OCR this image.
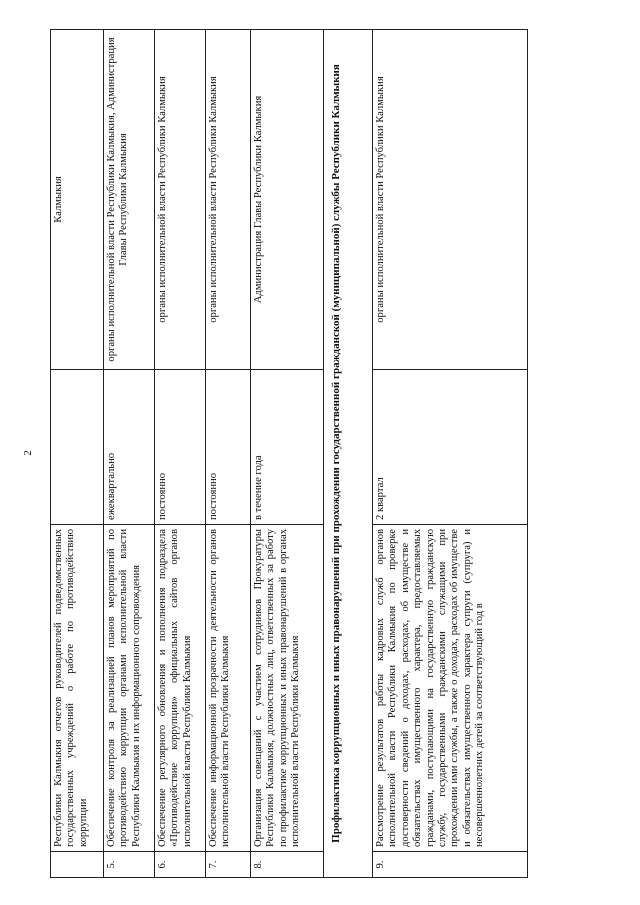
2
	Республики Калмыкия отчетов руководителей подведомственных государственных учреждений о работе по противодействию коррупции		Калмыкия
5.	Обеспечение контроля за реализацией планов мероприятий по противодействию коррупции органами исполнительной власти Республики Калмыкия и их информационного сопровождения	ежеквартально	органы исполнительной власти Республики Калмыкия, Администрация Главы Республики Калмыкия
6.	Обеспечение регулярного обновления и пополнения подраздела «Противодействие коррупции» официальных сайтов органов исполнительной власти Республики Калмыкия	постоянно	органы исполнительной власти Республики Калмыкия
7.	Обеспечение информационной прозрачности деятельности органов исполнительной власти Республики Калмыкия	постоянно	органы исполнительной власти Республики Калмыкия
8.	Организация совещаний с участием сотрудников Прокуратуры Республики Калмыкия, должностных лиц, ответственных за работу по профилактике коррупционных и иных правонарушений в органах исполнительной власти Республики Калмыкия	в течение года	Администрация Главы Республики Калмыкия
Профилактика коррупционных и иных правонарушений при прохождении государственной гражданской (муниципальной) службы Республики Калмыкия			
9.	Рассмотрение результатов работы кадровых служб органов исполнительной власти Республики Калмыкия по проверке достоверности сведений о доходах, расходах, об имуществе и обязательствах имущественного характера, предоставляемых гражданами, поступающими на государственную гражданскую службу, государственными гражданскими служащими при прохождении ими службы, а также о доходах, расходах об имуществе и обязательствах имущественного характера супруги (супруга) и несовершеннолетних детей за соответствующий год в	2 квартал	органы исполнительной власти Республики Калмыкия
